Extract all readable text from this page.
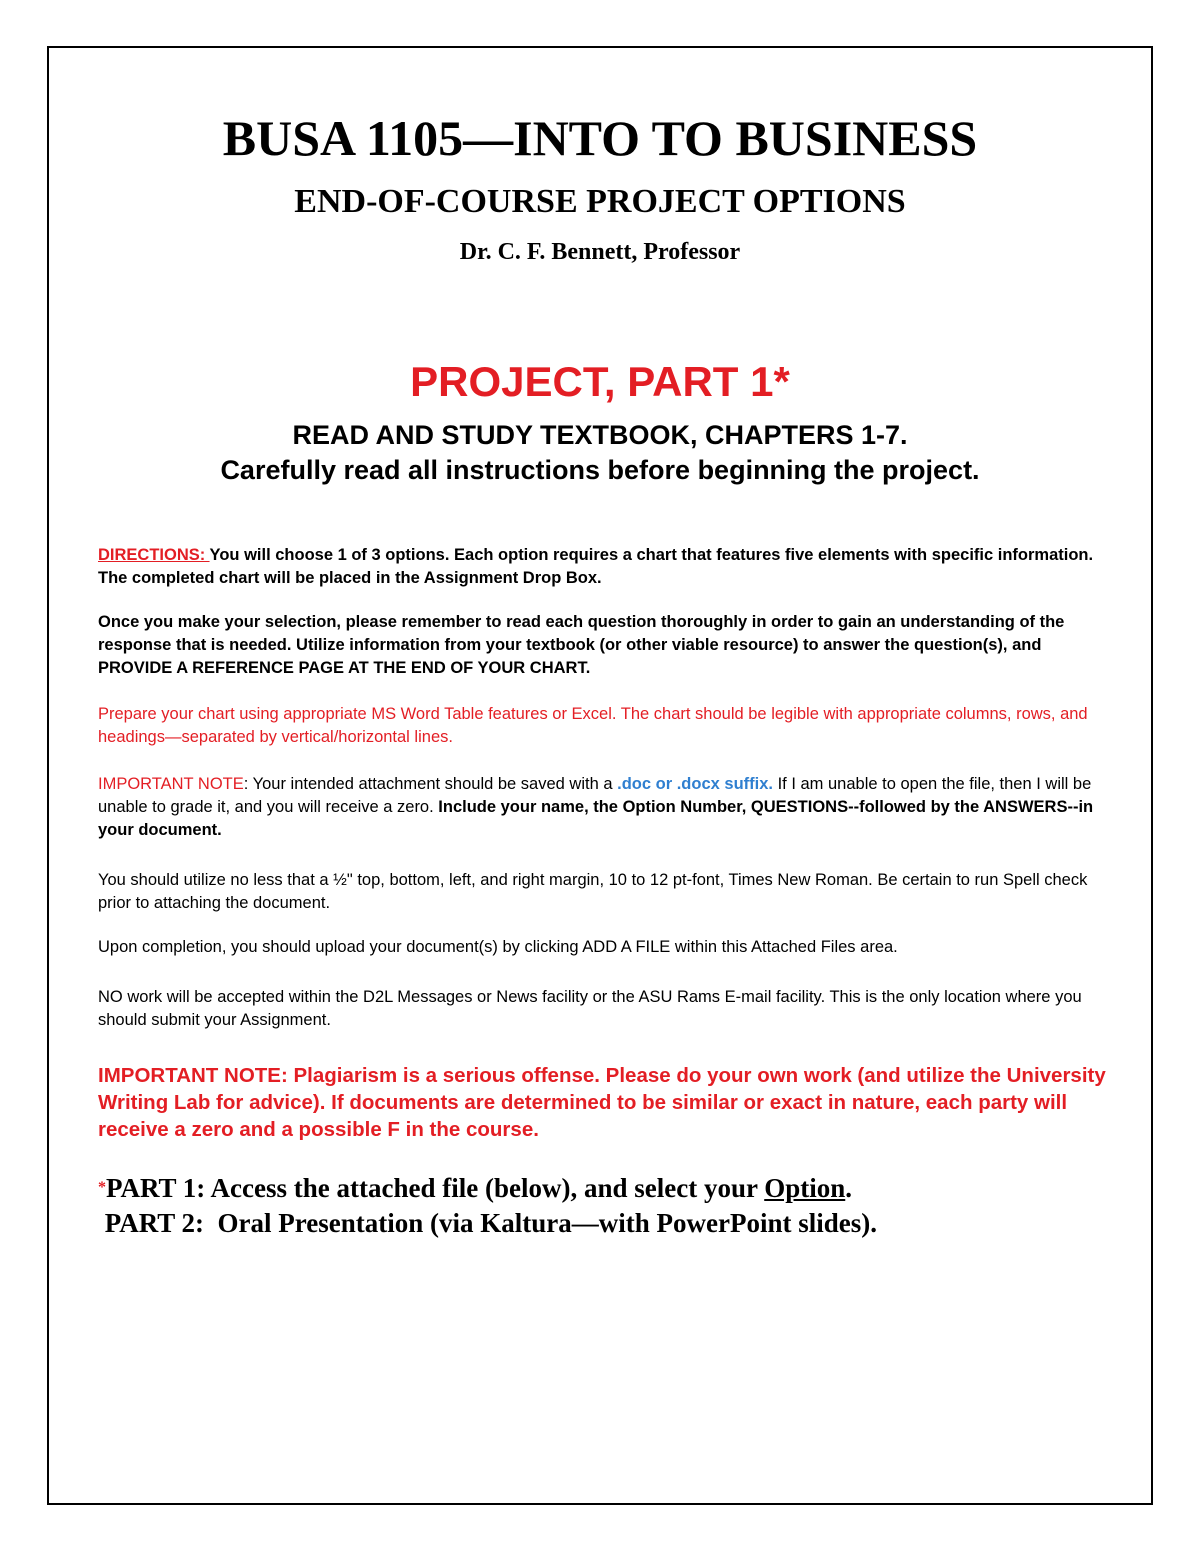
BUSA 1105—INTO TO BUSINESS
END-OF-COURSE PROJECT OPTIONS

Dr. C. F. Bennett, Professor

PROJECT, PART 1*

READ AND STUDY TEXTBOOK, CHAPTERS 1-7.

Carefully read all instructions before beginning the project.

DIRECTIONS: You will choose 1 of 3 options. Each option requires a chart that features five elements with specific information. The completed chart will be placed in the Assignment Drop Box.

Once you make your selection, please remember to read each question thoroughly in order to gain an understanding of the response that is needed. Utilize information from your textbook (or other viable resource) to answer the question(s), and PROVIDE A REFERENCE PAGE AT THE END OF YOUR CHART.

Prepare your chart using appropriate MS Word Table features or Excel. The chart should be legible with appropriate columns, rows, and headings—separated by vertical/horizontal lines.

IMPORTANT NOTE: Your intended attachment should be saved with a .doc or .docx suffix. If I am unable to open the file, then I will be unable to grade it, and you will receive a zero. Include your name, the Option Number, QUESTIONS--followed by the ANSWERS--in your document.

You should utilize no less that a ½" top, bottom, left, and right margin, 10 to 12 pt-font, Times New Roman. Be certain to run Spell check prior to attaching the document.

Upon completion, you should upload your document(s) by clicking ADD A FILE within this Attached Files area.

NO work will be accepted within the D2L Messages or News facility or the ASU Rams E-mail facility. This is the only location where you should submit your Assignment.

IMPORTANT NOTE: Plagiarism is a serious offense. Please do your own work (and utilize the University Writing Lab for advice). If documents are determined to be similar or exact in nature, each party will receive a zero and a possible F in the course.

*PART 1: Access the attached file (below), and select your Option.

PART 2:  Oral Presentation (via Kaltura—with PowerPoint slides).
